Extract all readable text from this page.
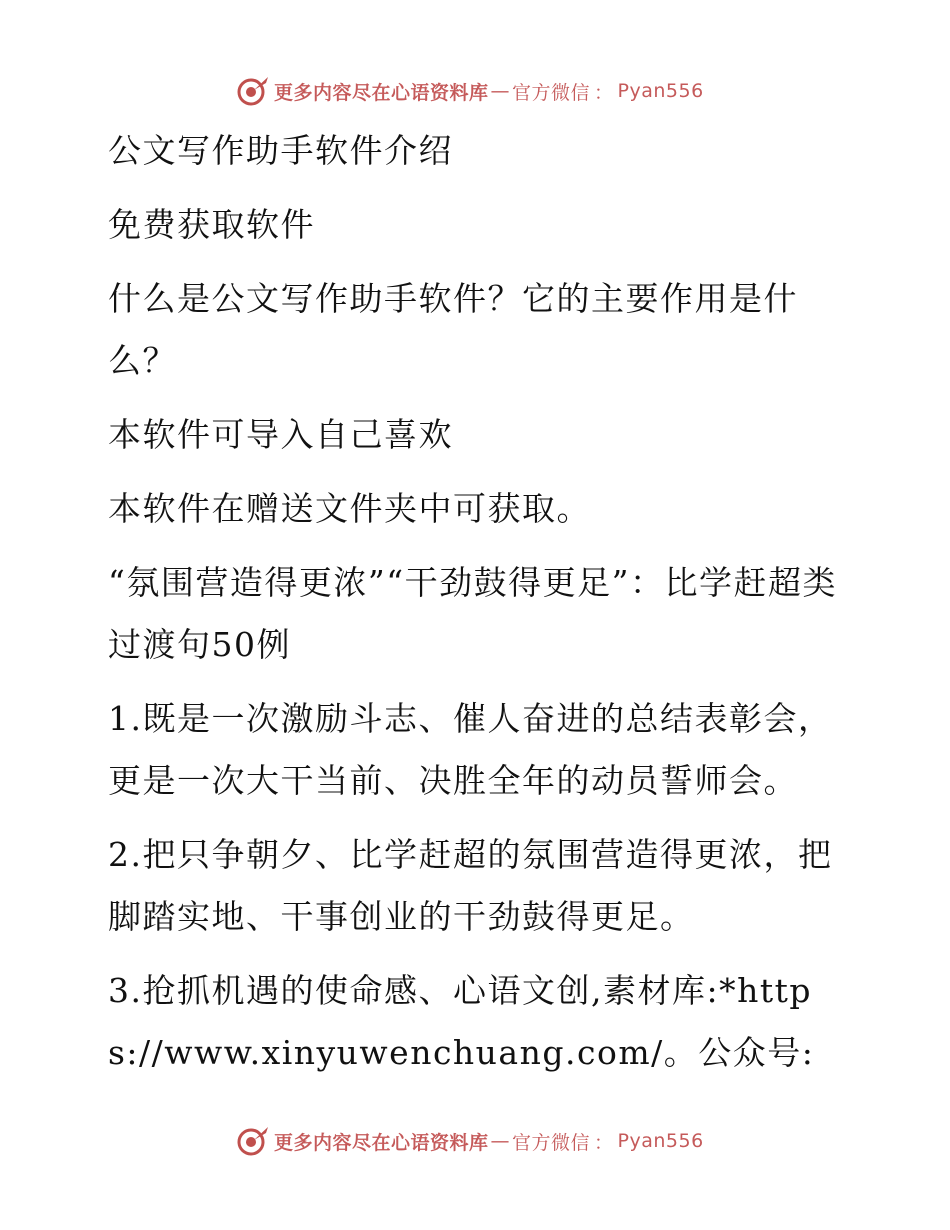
更多内容尽在心语资料库 — 官方微信 ： Pyan556

公文写作助手软件介绍

免费获取软件

什么是公文写作助手软件？它的主要作用是什么？

本软件可导入自己喜欢

本软件在赠送文件夹中可获取。

“氛围营造得更浓”“干劲鼓得更足”：比学赶超类过渡句50例

1.既是一次激励斗志、催人奋进的总结表彰会，更是一次大干当前、决胜全年的动员誓师会。

2.把只争朝夕、比学赶超的氛围营造得更浓，把脚踏实地、干事创业的干劲鼓得更足。

3.抢抓机遇的使命感、心语文创,素材库:*https://www.xinyuwenchuang.com/。公众号:

更多内容尽在心语资料库 — 官方微信 ： Pyan556
